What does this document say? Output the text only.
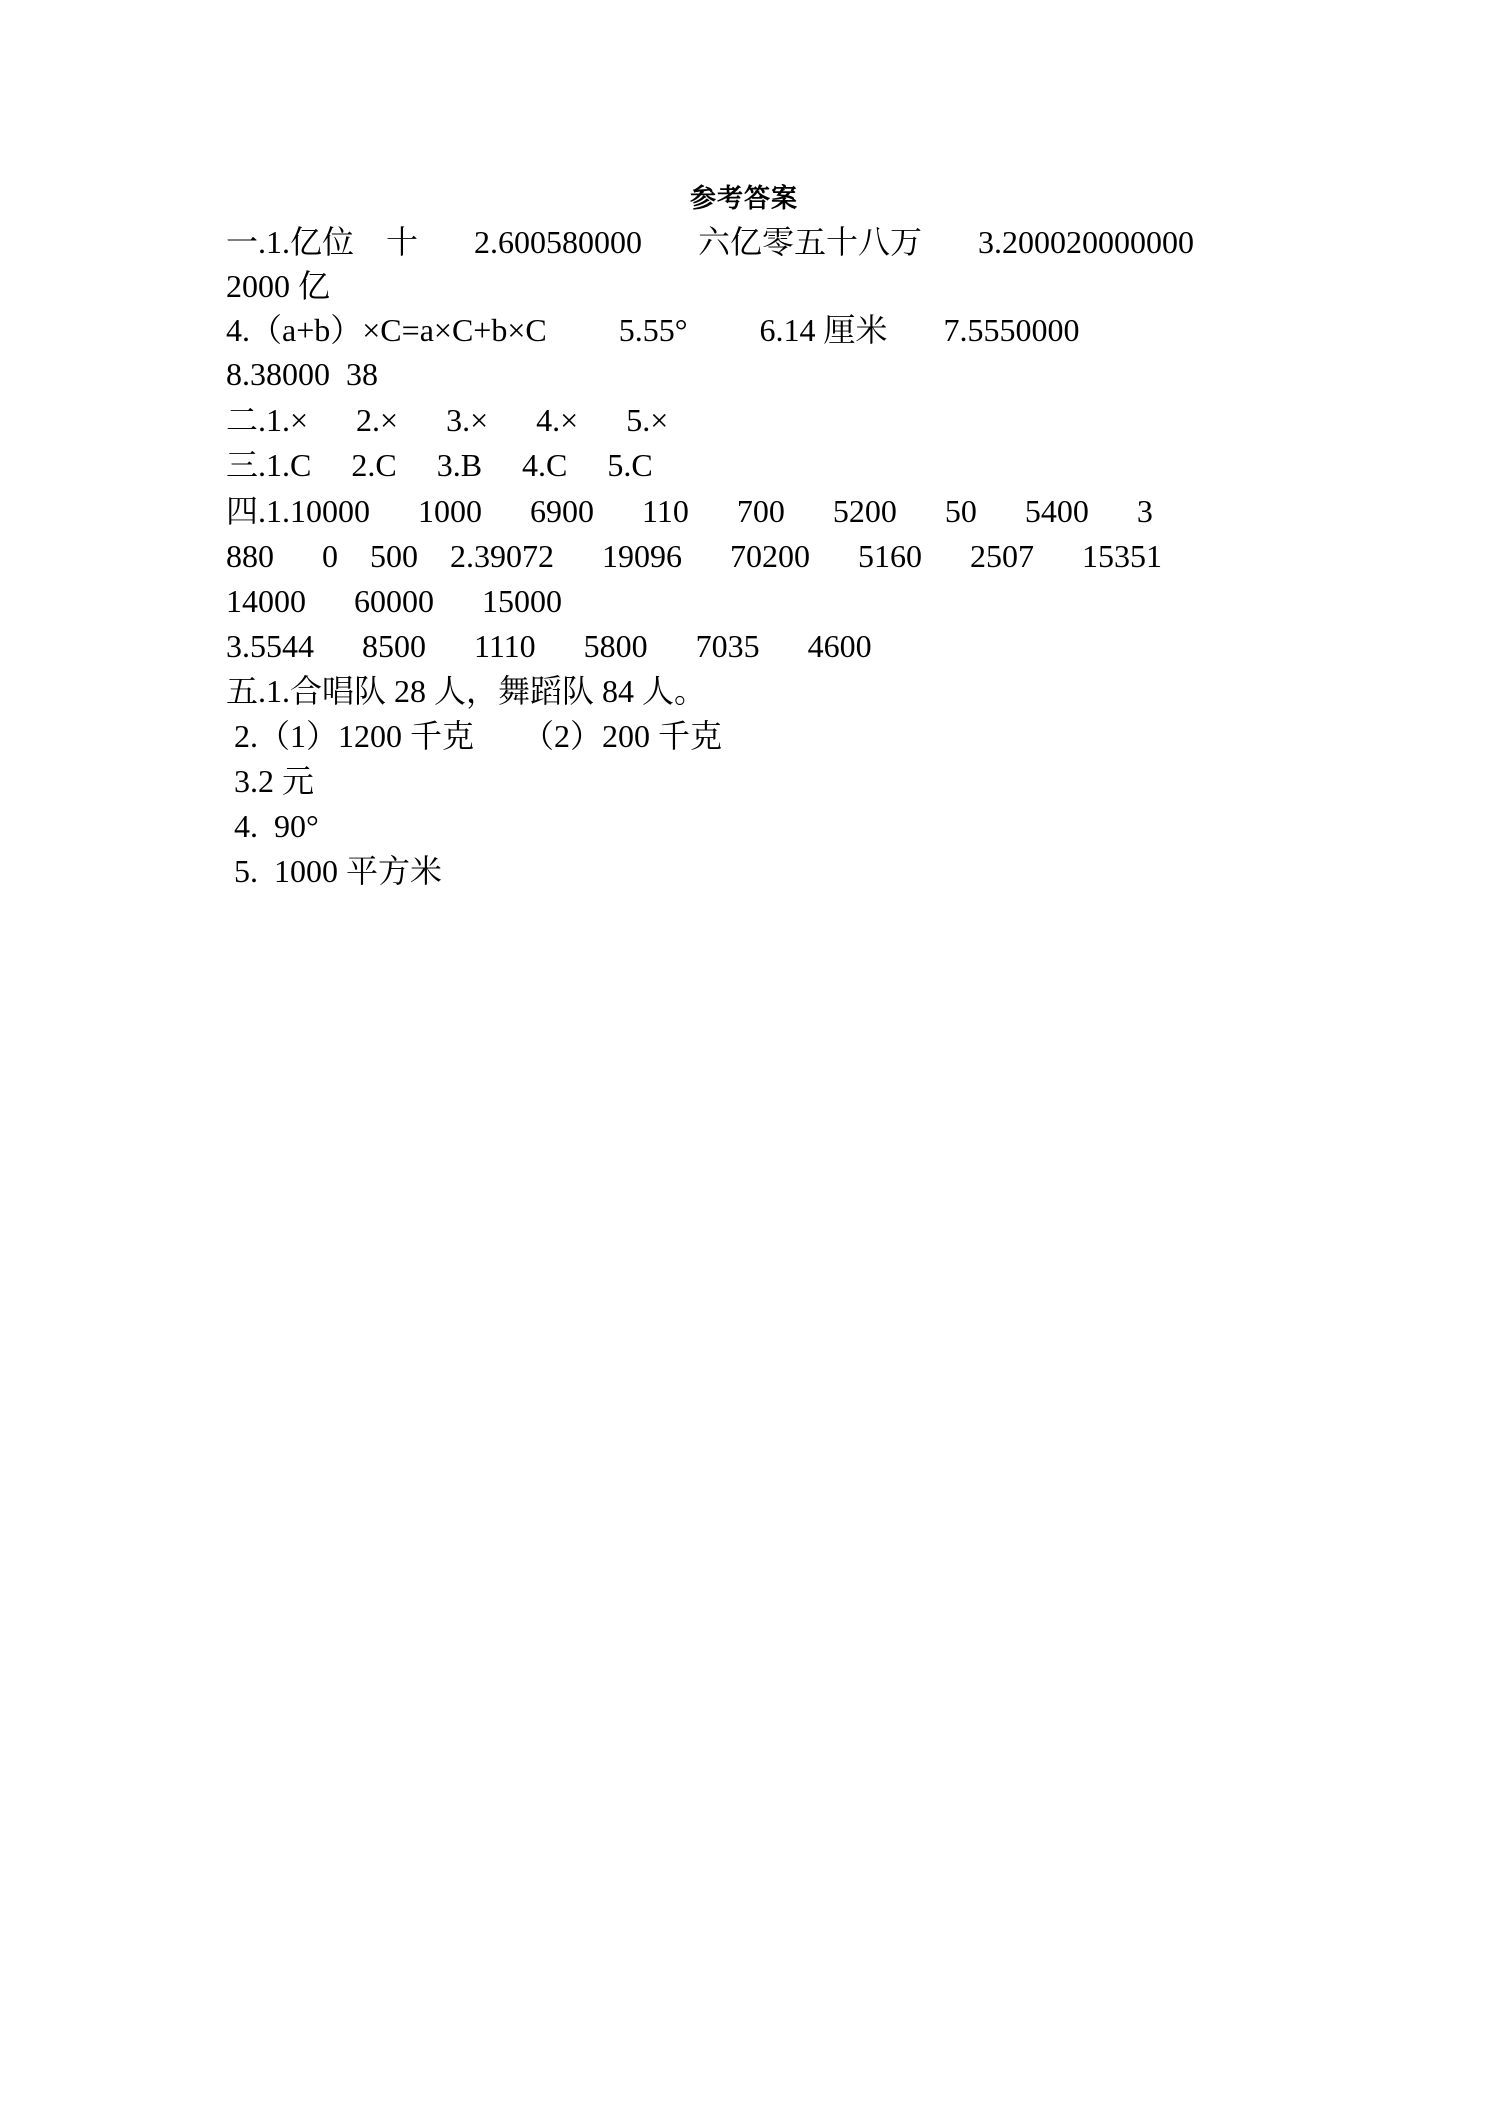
参考答案
一.1.亿位    十       2.600580000       六亿零五十八万       3.200020000000
2000 亿
4.（a+b）×C=a×C+b×C         5.55°         6.14 厘米       7.5550000
8.38000  38
二.1.×      2.×      3.×      4.×      5.×
三.1.C     2.C     3.B     4.C     5.C
四.1.10000      1000      6900      110      700      5200      50      5400      3
880      0    500    2.39072      19096      70200      5160      2507      15351
14000      60000      15000
3.5544      8500      1110      5800      7035      4600
五.1.合唱队 28 人，舞蹈队 84 人。
2.（1）1200 千克      （2）200 千克
3.2 元
4.  90°
5.  1000 平方米
